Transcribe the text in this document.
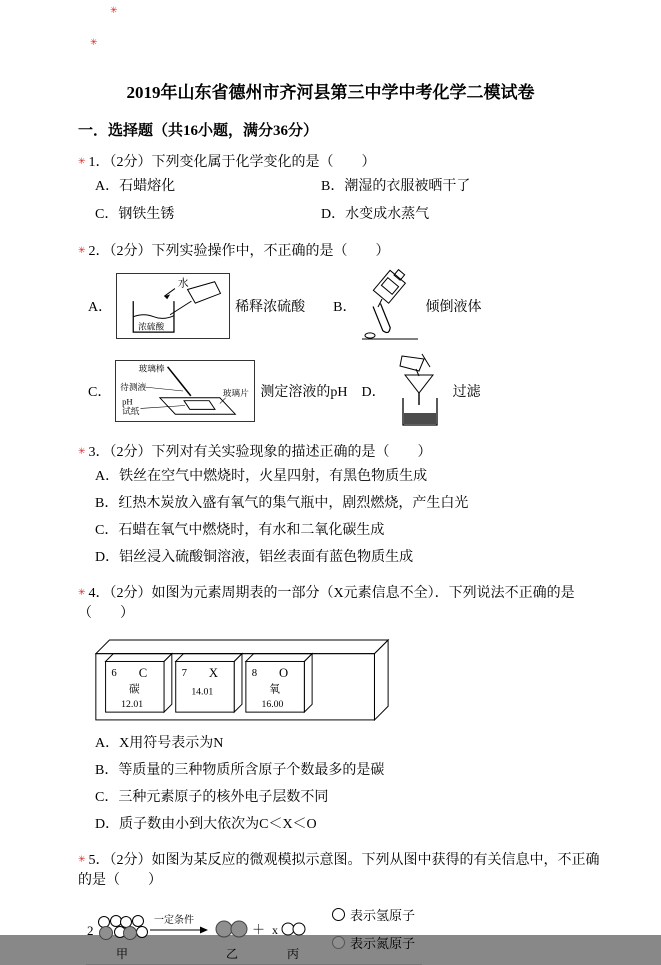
✳
✳
2019年山东省德州市齐河县第三中学中考化学二模试卷
一．选择题（共16小题，满分36分）
✳ 1．（2分）下列变化属于化学变化的是（　　）
A．石蜡熔化	B．潮湿的衣服被晒干了
C．钢铁生锈	D．水变成水蒸气
✳ 2．（2分）下列实验操作中，不正确的是（　　）
A．
水
浓硫酸
稀释浓硫酸 B．	倾倒液体
C．
玻璃棒
待测液
pH
试纸
玻璃片 测定溶液的pH D．	过滤
✳ 3．（2分）下列对有关实验现象的描述正确的是（　　）
A．铁丝在空气中燃烧时，火星四射，有黑色物质生成
B．红热木炭放入盛有氧气的集气瓶中，剧烈燃烧，产生白光
C．石蜡在氧气中燃烧时，有水和二氧化碳生成
D．铝丝浸入硫酸铜溶液，铝丝表面有蓝色物质生成
✳ 4．（2分）如图为元素周期表的一部分（X元素信息不全）．下列说法不正确的是（　　）
6 C
碳
12.01
7 X
14.01
8 O
氧
16.00
A．X用符号表示为N
B．等质量的三种物质所含原子个数最多的是碳
C．三种元素原子的核外电子层数不同
D．质子数由小到大依次为C＜X＜O
✳ 5．（2分）如图为某反应的微观模拟示意图。下列从图中获得的有关信息中，不正确的是（　　）
2
一定条件
＋ x
甲	乙	丙
表示氢原子
表示氮原子
